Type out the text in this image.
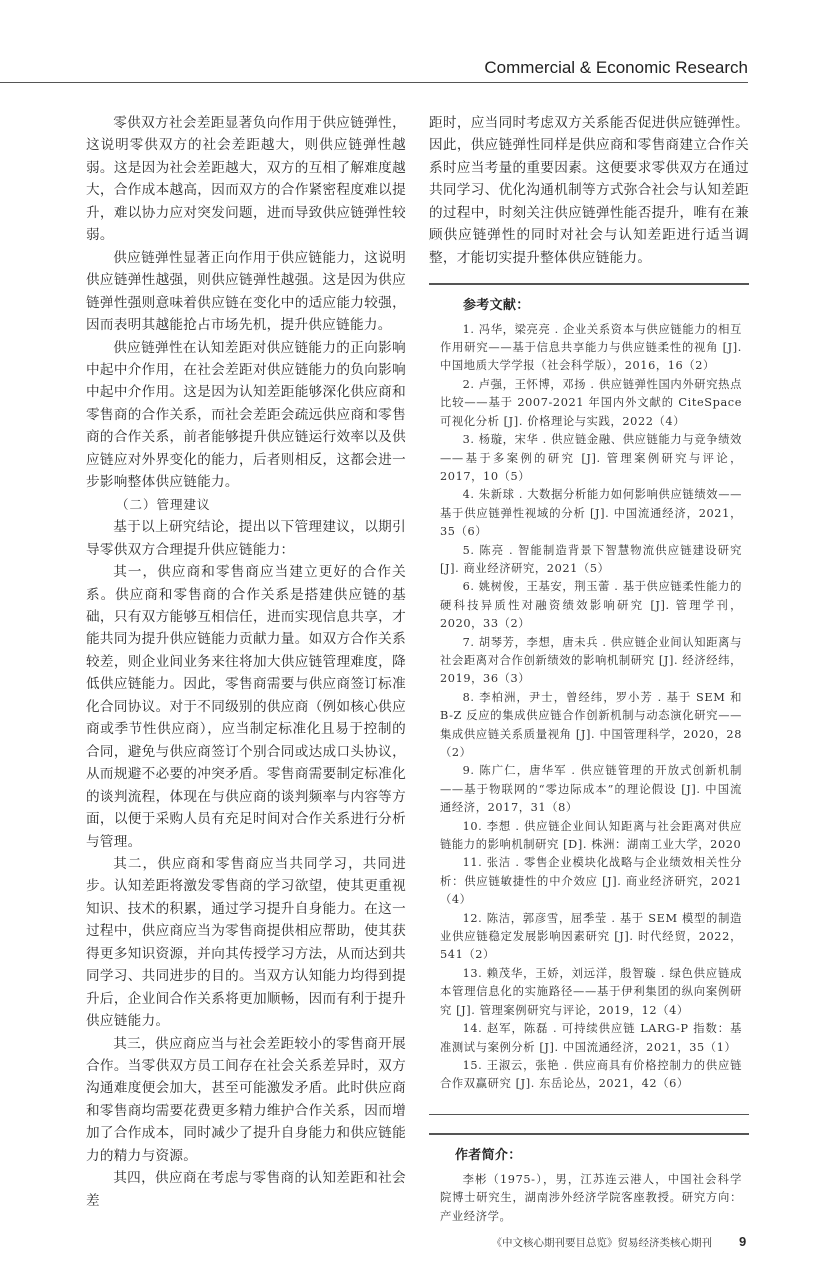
Commercial & Economic Research

零供双方社会差距显著负向作用于供应链弹性，这说明零供双方的社会差距越大，则供应链弹性越弱。这是因为社会差距越大，双方的互相了解难度越大，合作成本越高，因而双方的合作紧密程度难以提升，难以协力应对突发问题，进而导致供应链弹性较弱。

供应链弹性显著正向作用于供应链能力，这说明供应链弹性越强，则供应链弹性越强。这是因为供应链弹性强则意味着供应链在变化中的适应能力较强，因而表明其越能抢占市场先机，提升供应链能力。

供应链弹性在认知差距对供应链能力的正向影响中起中介作用，在社会差距对供应链能力的负向影响中起中介作用。这是因为认知差距能够深化供应商和零售商的合作关系，而社会差距会疏远供应商和零售商的合作关系，前者能够提升供应链运行效率以及供应链应对外界变化的能力，后者则相反，这都会进一步影响整体供应链能力。

（二）管理建议

基于以上研究结论，提出以下管理建议，以期引导零供双方合理提升供应链能力：

其一，供应商和零售商应当建立更好的合作关系。供应商和零售商的合作关系是搭建供应链的基础，只有双方能够互相信任，进而实现信息共享，才能共同为提升供应链能力贡献力量。如双方合作关系较差，则企业间业务来往将加大供应链管理难度，降低供应链能力。因此，零售商需要与供应商签订标准化合同协议。对于不同级别的供应商（例如核心供应商或季节性供应商），应当制定标准化且易于控制的合同，避免与供应商签订个别合同或达成口头协议，从而规避不必要的冲突矛盾。零售商需要制定标准化的谈判流程，体现在与供应商的谈判频率与内容等方面，以便于采购人员有充足时间对合作关系进行分析与管理。

其二，供应商和零售商应当共同学习，共同进步。认知差距将激发零售商的学习欲望，使其更重视知识、技术的积累，通过学习提升自身能力。在这一过程中，供应商应当为零售商提供相应帮助，使其获得更多知识资源，并向其传授学习方法，从而达到共同学习、共同进步的目的。当双方认知能力均得到提升后，企业间合作关系将更加顺畅，因而有利于提升供应链能力。

其三，供应商应当与社会差距较小的零售商开展合作。当零供双方员工间存在社会关系差异时，双方沟通难度便会加大，甚至可能激发矛盾。此时供应商和零售商均需要花费更多精力维护合作关系，因而增加了合作成本，同时减少了提升自身能力和供应链能力的精力与资源。

其四，供应商在考虑与零售商的认知差距和社会差

距时，应当同时考虑双方关系能否促进供应链弹性。因此，供应链弹性同样是供应商和零售商建立合作关系时应当考量的重要因素。这便要求零供双方在通过共同学习、优化沟通机制等方式弥合社会与认知差距的过程中，时刻关注供应链弹性能否提升，唯有在兼顾供应链弹性的同时对社会与认知差距进行适当调整，才能切实提升整体供应链能力。

参考文献：

1. 冯华，梁亮亮 . 企业关系资本与供应链能力的相互作用研究——基于信息共享能力与供应链柔性的视角 [J]. 中国地质大学学报（社会科学版），2016，16（2）

2. 卢强，王怀博，邓扬 . 供应链弹性国内外研究热点比较——基于 2007-2021 年国内外文献的 CiteSpace 可视化分析 [J]. 价格理论与实践，2022（4）

3. 杨璇，宋华 . 供应链金融、供应链能力与竞争绩效——基于多案例的研究 [J]. 管理案例研究与评论，2017，10（5）

4. 朱新球 . 大数据分析能力如何影响供应链绩效——基于供应链弹性视域的分析 [J]. 中国流通经济，2021，35（6）

5. 陈亮 . 智能制造背景下智慧物流供应链建设研究 [J]. 商业经济研究，2021（5）

6. 姚树俊，王基安，荆玉蕾 . 基于供应链柔性能力的硬科技异质性对融资绩效影响研究 [J]. 管理学刊，2020，33（2）

7. 胡琴芳，李想，唐未兵 . 供应链企业间认知距离与社会距离对合作创新绩效的影响机制研究 [J]. 经济经纬，2019，36（3）

8. 李柏洲，尹士，曾经纬，罗小芳 . 基于 SEM 和 B-Z 反应的集成供应链合作创新机制与动态演化研究——集成供应链关系质量视角 [J]. 中国管理科学，2020，28（2）

9. 陈广仁，唐华军 . 供应链管理的开放式创新机制——基于物联网的“零边际成本”的理论假设 [J]. 中国流通经济，2017，31（8）

10. 李想 . 供应链企业间认知距离与社会距离对供应链能力的影响机制研究 [D]. 株洲：湖南工业大学，2020

11. 张洁 . 零售企业模块化战略与企业绩效相关性分析：供应链敏捷性的中介效应 [J]. 商业经济研究，2021（4）

12. 陈洁，郭彦雪，屈季莹 . 基于 SEM 模型的制造业供应链稳定发展影响因素研究 [J]. 时代经贸，2022，541（2）

13. 赖茂华，王娇，刘远洋，殷智璇 . 绿色供应链成本管理信息化的实施路径——基于伊利集团的纵向案例研究 [J]. 管理案例研究与评论，2019，12（4）

14. 赵军，陈磊 . 可持续供应链 LARG-P 指数：基准测试与案例分析 [J]. 中国流通经济，2021，35（1）

15. 王淑云，张艳 . 供应商具有价格控制力的供应链合作双赢研究 [J]. 东岳论丛，2021，42（6）

作者简介：

李彬（1975-），男，江苏连云港人，中国社会科学院博士研究生，湖南涉外经济学院客座教授。研究方向：产业经济学。

《中文核心期刊要目总览》贸易经济类核心期刊 9
